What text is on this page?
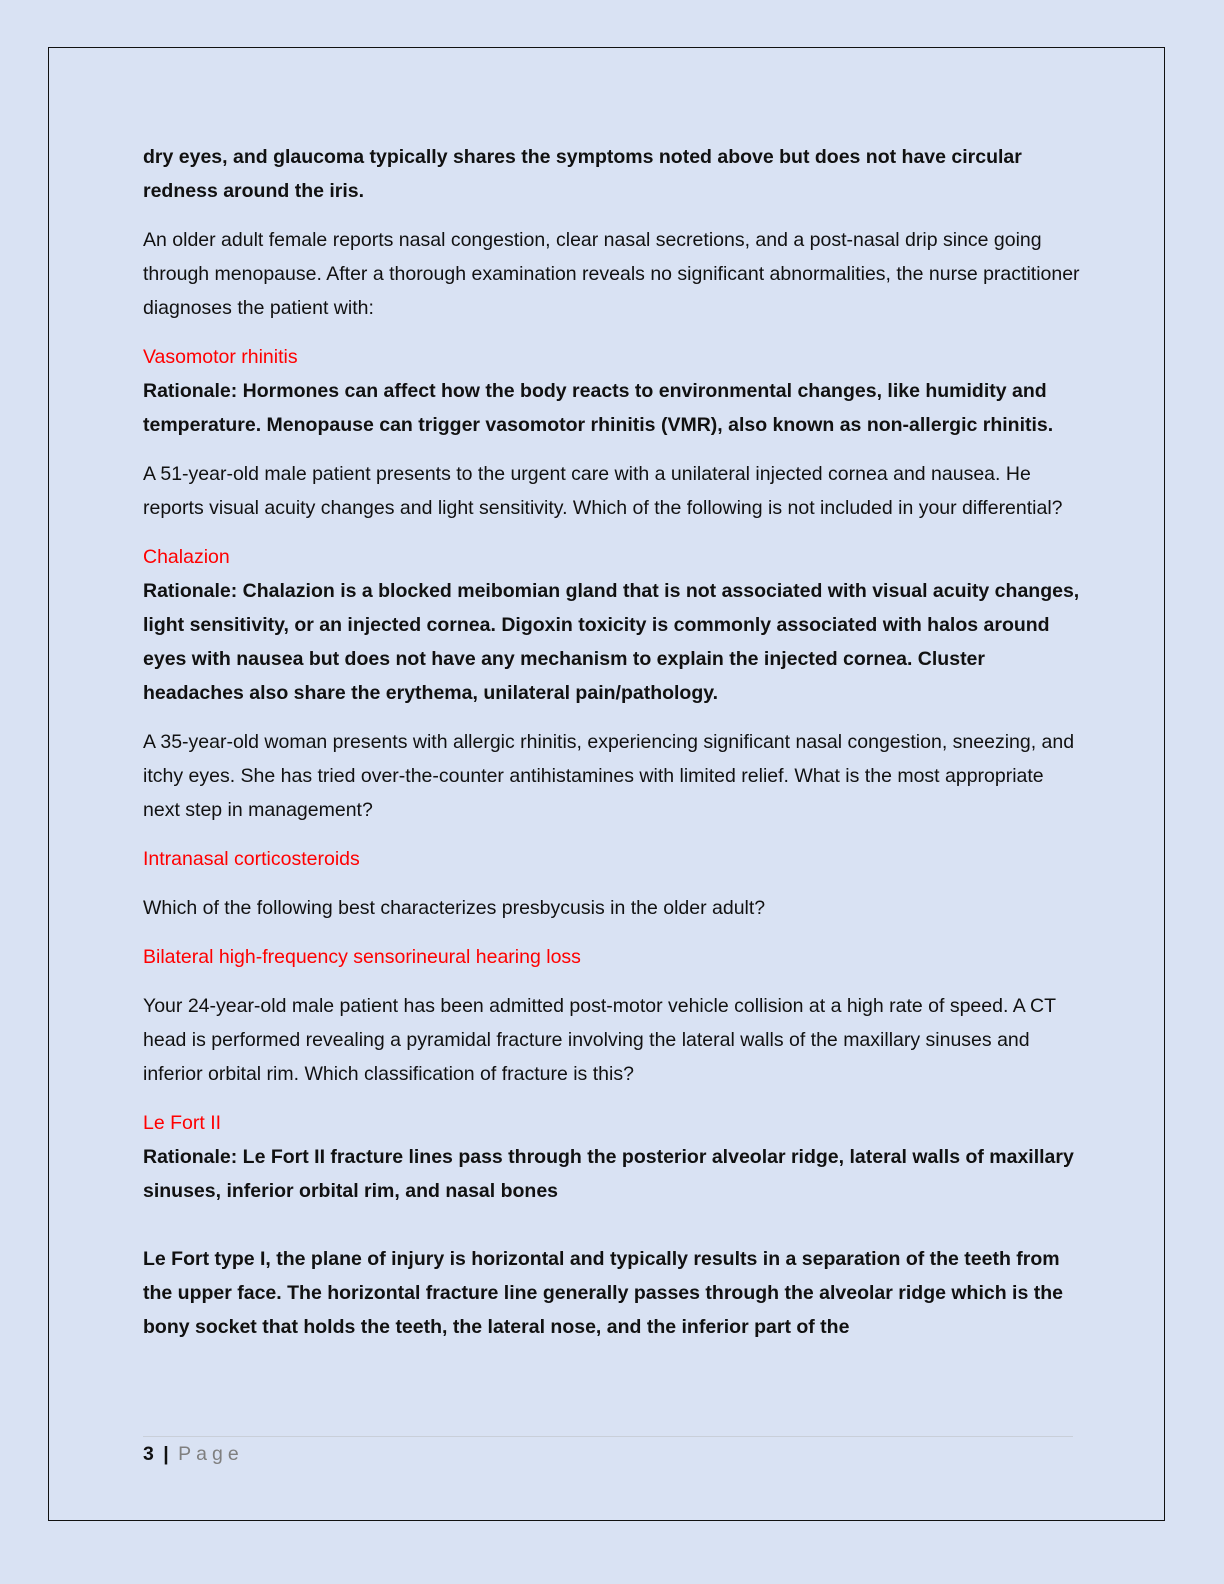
dry eyes, and glaucoma typically shares the symptoms noted above but does not have circular redness around the iris.

An older adult female reports nasal congestion, clear nasal secretions, and a post-nasal drip since going through menopause. After a thorough examination reveals no significant abnormalities, the nurse practitioner diagnoses the patient with:

Vasomotor rhinitis

Rationale: Hormones can affect how the body reacts to environmental changes, like humidity and temperature. Menopause can trigger vasomotor rhinitis (VMR), also known as non-allergic rhinitis.

A 51-year-old male patient presents to the urgent care with a unilateral injected cornea and nausea. He reports visual acuity changes and light sensitivity. Which of the following is not included in your differential?

Chalazion

Rationale: Chalazion is a blocked meibomian gland that is not associated with visual acuity changes, light sensitivity, or an injected cornea. Digoxin toxicity is commonly associated with halos around eyes with nausea but does not have any mechanism to explain the injected cornea. Cluster headaches also share the erythema, unilateral pain/pathology.

A 35-year-old woman presents with allergic rhinitis, experiencing significant nasal congestion, sneezing, and itchy eyes. She has tried over-the-counter antihistamines with limited relief. What is the most appropriate next step in management?

Intranasal corticosteroids

Which of the following best characterizes presbycusis in the older adult?

Bilateral high-frequency sensorineural hearing loss

Your 24-year-old male patient has been admitted post-motor vehicle collision at a high rate of speed. A CT head is performed revealing a pyramidal fracture involving the lateral walls of the maxillary sinuses and inferior orbital rim. Which classification of fracture is this?

Le Fort II

Rationale: Le Fort II fracture lines pass through the posterior alveolar ridge, lateral walls of maxillary sinuses, inferior orbital rim, and nasal bones

Le Fort type I, the plane of injury is horizontal and typically results in a separation of the teeth from the upper face. The horizontal fracture line generally passes through the alveolar ridge which is the bony socket that holds the teeth, the lateral nose, and the inferior part of the

3 | Page
